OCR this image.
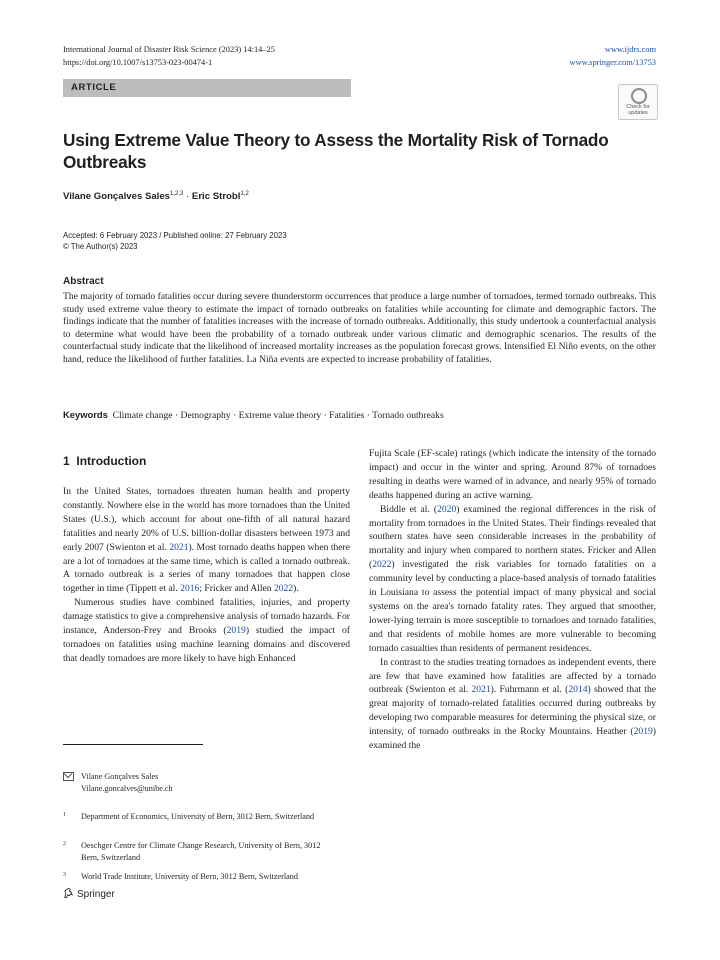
International Journal of Disaster Risk Science (2023) 14:14–25
https://doi.org/10.1007/s13753-023-00474-1
www.ijdrs.com
www.springer.com/13753
ARTICLE
Check for updates
Using Extreme Value Theory to Assess the Mortality Risk of Tornado Outbreaks
Vilane Gonçalves Sales$^{1,2,3}$ · Eric Strobl$^{1,2}$
Accepted: 6 February 2023 / Published online: 27 February 2023
© The Author(s) 2023
Abstract
The majority of tornado fatalities occur during severe thunderstorm occurrences that produce a large number of tornadoes, termed tornado outbreaks. This study used extreme value theory to estimate the impact of tornado outbreaks on fatalities while accounting for climate and demographic factors. The findings indicate that the number of fatalities increases with the increase of tornado outbreaks. Additionally, this study undertook a counterfactual analysis to determine what would have been the probability of a tornado outbreak under various climatic and demographic scenarios. The results of the counterfactual study indicate that the likelihood of increased mortality increases as the population forecast grows. Intensified El Niño events, on the other hand, reduce the likelihood of further fatalities. La Niña events are expected to increase probability of fatalities.
Keywords Climate change · Demography · Extreme value theory · Fatalities · Tornado outbreaks
1 Introduction

In the United States, tornadoes threaten human health and property constantly. Nowhere else in the world has more tornadoes than the United States (U.S.), which account for about one-fifth of all natural hazard fatalities and nearly 20% of U.S. billion-dollar disasters between 1973 and early 2007 (Swienton et al. 2021). Most tornado deaths happen when there are a lot of tornadoes at the same time, which is called a tornado outbreak. A tornado outbreak is a series of many tornadoes that happen close together in time (Tippett et al. 2016; Fricker and Allen 2022).

Numerous studies have combined fatalities, injuries, and property damage statistics to give a comprehensive analysis of tornado hazards. For instance, Anderson-Frey and Brooks (2019) studied the impact of tornadoes on fatalities using machine learning domains and discovered that deadly tornadoes are more likely to have high Enhanced

Fujita Scale (EF-scale) ratings (which indicate the intensity of the tornado impact) and occur in the winter and spring. Around 87% of tornadoes resulting in deaths were warned of in advance, and nearly 95% of tornado deaths happened during an active warning.

Biddle et al. (2020) examined the regional differences in the risk of mortality from tornadoes in the United States. Their findings revealed that southern states have seen considerable increases in the probability of mortality and injury when compared to northern states. Fricker and Allen (2022) investigated the risk variables for tornado fatalities on a community level by conducting a place-based analysis of tornado fatalities in Louisiana to assess the potential impact of many physical and social systems on the area's tornado fatality rates. They argued that smoother, lower-lying terrain is more susceptible to tornadoes and tornado fatalities, and that residents of mobile homes are more vulnerable to becoming tornado casualties than residents of permanent residences.

In contrast to the studies treating tornadoes as independent events, there are few that have examined how fatalities are affected by a tornado outbreak (Swienton et al. 2021). Fuhrmann et al. (2014) showed that the great majority of tornado-related fatalities occurred during outbreaks by developing two comparable measures for determining the physical size, or intensity, of tornado outbreaks in the Rocky Mountains. Heather (2019) examined the

Vilane Gonçalves Sales
Vilane.goncalves@unibe.ch
1 Department of Economics, University of Bern, 3012 Bern, Switzerland
2 Oeschger Centre for Climate Change Research, University of Bern, 3012 Bern, Switzerland
3 World Trade Institute, University of Bern, 3012 Bern, Switzerland
Springer
